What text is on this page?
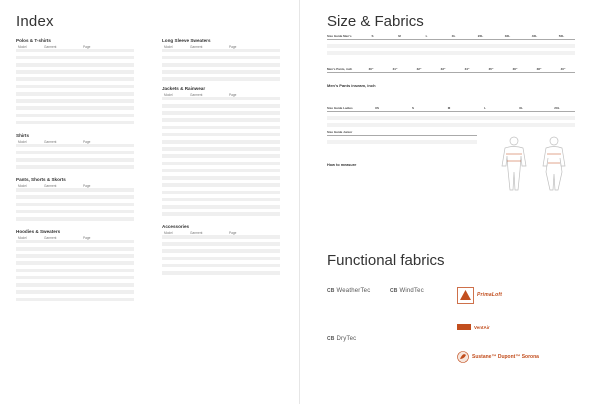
Index
Polos & T-shirts
Model	Garment	Page
Shirts
Model	Garment	Page
Pants, Shorts & Skorts
Model	Garment	Page
Hoodies & Sweaters
Model	Garment	Page
Long Sleeve Sweaters
Model	Garment	Page
Jackets & Rainwear
Model	Garment	Page
Accessories
Model	Garment	Page
Size & Fabrics
Size Guide Men's	S	M	L	XL	2XL	3XL	4XL	5XL
Men's Pants, inch	30"	31"	32"	33"	34"	35"	36"	38"	40"
Men's Pants inseam, inch
Size Guide Ladies	XS	S	M	L	XL	2XL
Size Guide Junior
How to measure
Functional fabrics
CB WeatherTec	CB WindTec
CB DryTec
PrimaLoft
VentAir
Sustane™ Dupont™ Sorona
